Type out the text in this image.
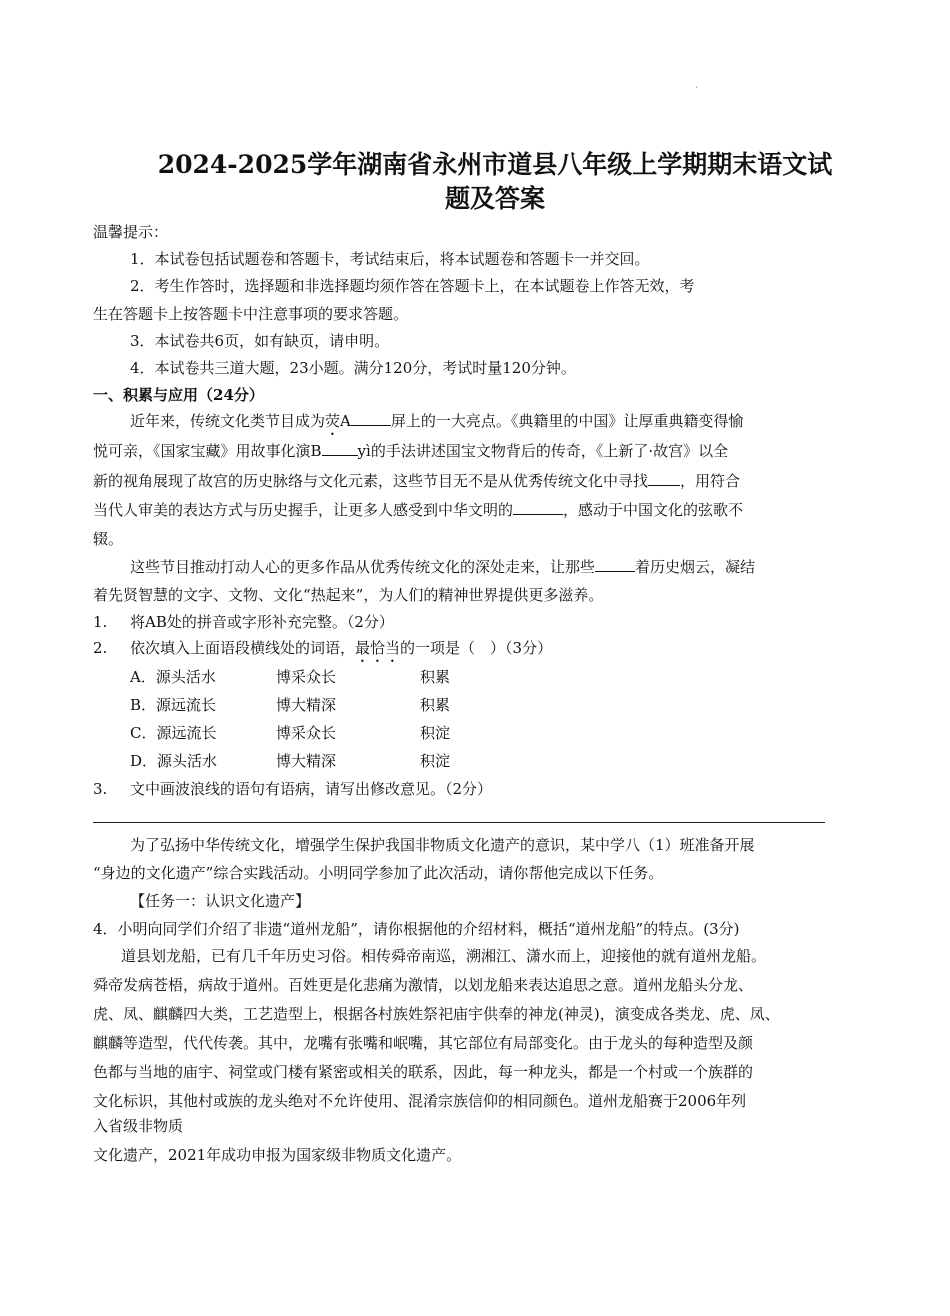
`
2024-2025学年湖南省永州市道县八年级上学期期末语文试
题及答案
温馨提示：
1．本试卷包括试题卷和答题卡，考试结束后，将本试题卷和答题卡一并交回。
2．考生作答时，选择题和非选择题均须作答在答题卡上，在本试题卷上作答无效，考
生在答题卡上按答题卡中注意事项的要求答题。
3．本试卷共6页，如有缺页，请申明。
4．本试卷共三道大题，23小题。满分120分，考试时量120分钟。
一、积累与应用（24分）
近年来，传统文化类节目成为荧A	屏上的一大亮点。《典籍里的中国》让厚重典籍变得愉
悦可亲，《国家宝藏》用故事化演B yì的手法讲述国宝文物背后的传奇，《上新了·故宫》以全
新的视角展现了故宫的历史脉络与文化元素，这些节目无不是从优秀传统文化中寻找 ，用符合
当代人审美的表达方式与历史握手，让更多人感受到中华文明的	，感动于中国文化的弦歌不
辍。
这些节目推动打动人心的更多作品从优秀传统文化的深处走来，让那些	着历史烟云，凝结
着先贤智慧的文字、文物、文化“热起来”，为人们的精神世界提供更多滋养。
1. 将AB处的拼音或字形补充完整。（2分）
2. 依次填入上面语段横线处的词语，最恰当的一项是（　）（3分）
A．源头活水	博采众长	积累
B．源远流长	博大精深	积累
C．源远流长	博采众长	积淀
D．源头活水	博大精深	积淀
3. 文中画波浪线的语句有语病，请写出修改意见。（2分）
为了弘扬中华传统文化，增强学生保护我国非物质文化遗产的意识，某中学八（1）班准备开展
“身边的文化遗产”综合实践活动。小明同学参加了此次活动，请你帮他完成以下任务。
【任务一：认识文化遗产】
4．小明向同学们介绍了非遗“道州龙船”，请你根据他的介绍材料，概括“道州龙船”的特点。(3分)
道县划龙船，已有几千年历史习俗。相传舜帝南巡，溯湘江、潇水而上，迎接他的就有道州龙船。
舜帝发病苍梧，病故于道州。百姓更是化悲痛为激情，以划龙船来表达追思之意。道州龙船头分龙、
虎、凤、麒麟四大类，工艺造型上，根据各村族姓祭祀庙宇供奉的神龙(神灵)，演变成各类龙、虎、凤、
麒麟等造型，代代传袭。其中，龙嘴有张嘴和岷嘴，其它部位有局部变化。由于龙头的每种造型及颜
色都与当地的庙宇、祠堂或门楼有紧密或相关的联系，因此，每一种龙头，都是一个村或一个族群的
文化标识，其他村或族的龙头绝对不允许使用、混淆宗族信仰的相同颜色。道州龙船赛于2006年列
入省级非物质
文化遗产，2021年成功申报为国家级非物质文化遗产。
